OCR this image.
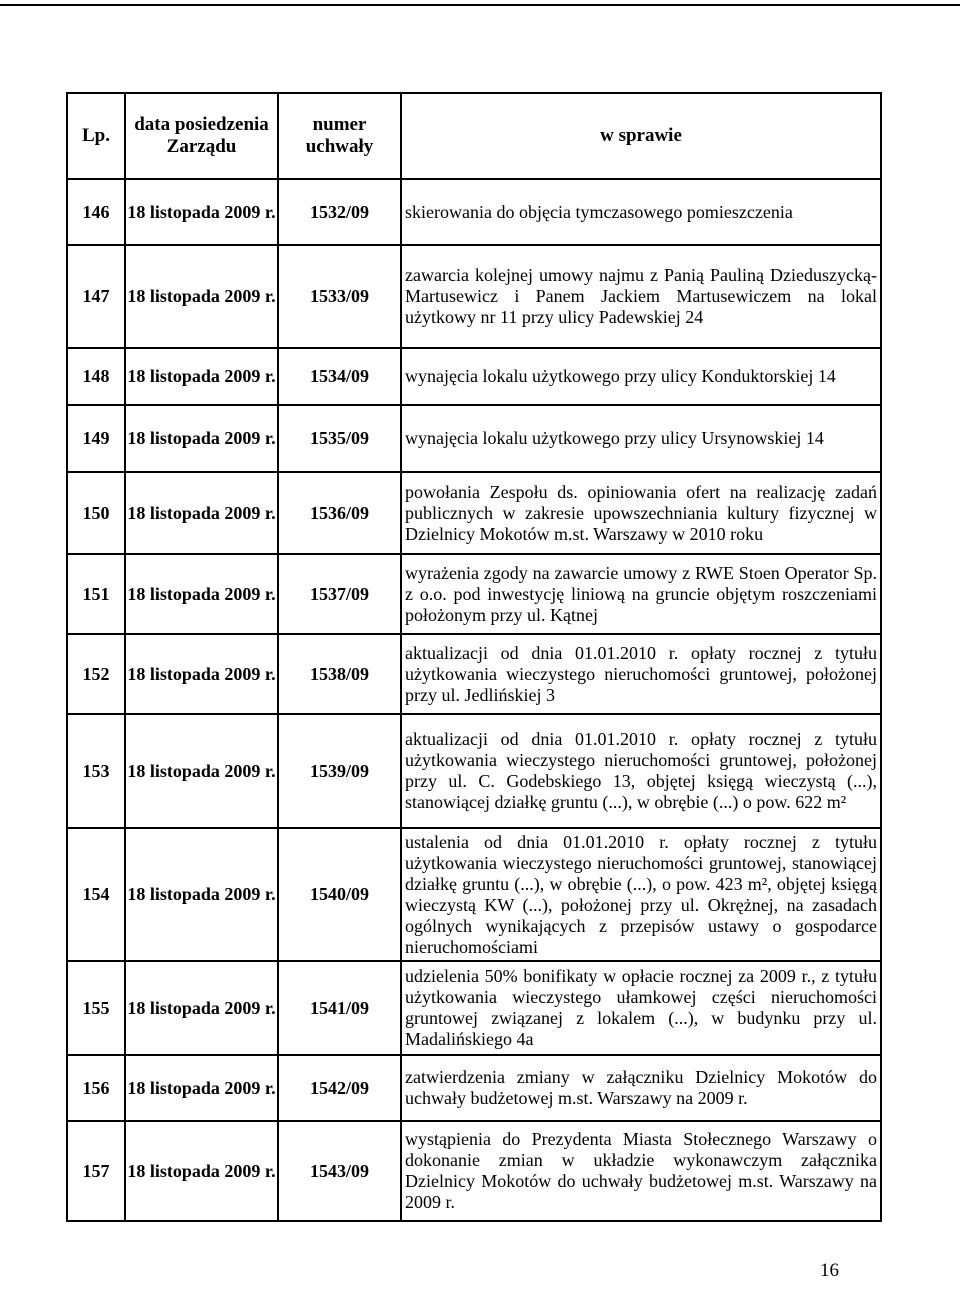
Lp.	data posiedzenia Zarządu	numer uchwały	w sprawie
146	18 listopada 2009 r.	1532/09	skierowania do objęcia tymczasowego pomieszczenia
147	18 listopada 2009 r.	1533/09	zawarcia kolejnej umowy najmu z Panią Pauliną Dzieduszycką-Martusewicz i Panem Jackiem Martusewiczem na lokal użytkowy nr 11 przy ulicy Padewskiej 24
148	18 listopada 2009 r.	1534/09	wynajęcia lokalu użytkowego przy ulicy Konduktorskiej 14
149	18 listopada 2009 r.	1535/09	wynajęcia lokalu użytkowego przy ulicy Ursynowskiej 14
150	18 listopada 2009 r.	1536/09	powołania Zespołu ds. opiniowania ofert na realizację zadań publicznych w zakresie upowszechniania kultury fizycznej w Dzielnicy Mokotów m.st. Warszawy w 2010 roku
151	18 listopada 2009 r.	1537/09	wyrażenia zgody na zawarcie umowy z RWE Stoen Operator Sp. z o.o. pod inwestycję liniową na gruncie objętym roszczeniami położonym przy ul. Kątnej
152	18 listopada 2009 r.	1538/09	aktualizacji od dnia 01.01.2010 r. opłaty rocznej z tytułu użytkowania wieczystego nieruchomości gruntowej, położonej przy ul. Jedlińskiej 3
153	18 listopada 2009 r.	1539/09	aktualizacji od dnia 01.01.2010 r. opłaty rocznej z tytułu użytkowania wieczystego nieruchomości gruntowej, położonej przy ul. C. Godebskiego 13, objętej księgą wieczystą (...), stanowiącej działkę gruntu (...), w obrębie (...) o pow. 622 m²
154	18 listopada 2009 r.	1540/09	ustalenia od dnia 01.01.2010 r. opłaty rocznej z tytułu użytkowania wieczystego nieruchomości gruntowej, stanowiącej działkę gruntu (...), w obrębie (...), o pow. 423 m², objętej księgą wieczystą KW (...), położonej przy ul. Okrężnej, na zasadach ogólnych wynikających z przepisów ustawy o gospodarce nieruchomościami
155	18 listopada 2009 r.	1541/09	udzielenia 50% bonifikaty w opłacie rocznej za 2009 r., z tytułu użytkowania wieczystego ułamkowej części nieruchomości gruntowej związanej z lokalem (...), w budynku przy ul. Madalińskiego 4a
156	18 listopada 2009 r.	1542/09	zatwierdzenia zmiany w załączniku Dzielnicy Mokotów do uchwały budżetowej m.st. Warszawy na 2009 r.
157	18 listopada 2009 r.	1543/09	wystąpienia do Prezydenta Miasta Stołecznego Warszawy o dokonanie zmian w układzie wykonawczym załącznika Dzielnicy Mokotów do uchwały budżetowej m.st. Warszawy na 2009 r.
16
